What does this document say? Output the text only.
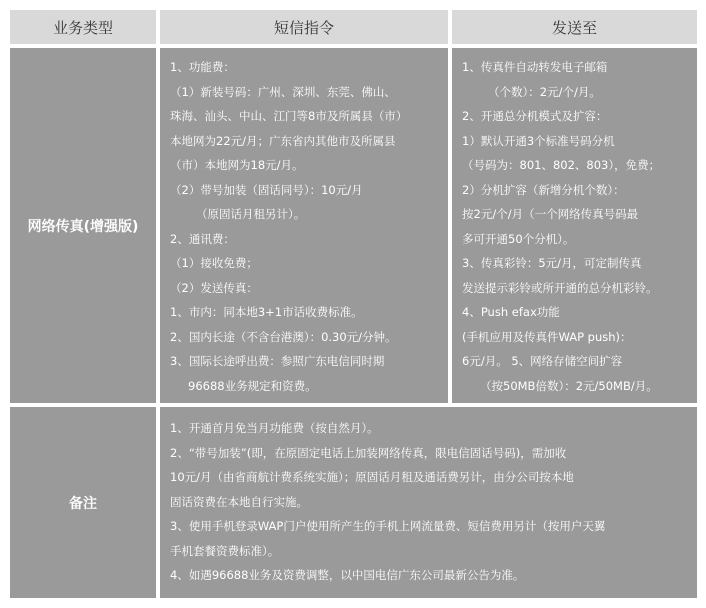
业务类型	短信指令	发送至
网络传真(增强版)
1、功能费：
（1）新装号码：广州、深圳、东莞、佛山、
珠海、汕头、中山、江门等8市及所属县（市）
本地网为22元/月；广东省内其他市及所属县
（市）本地网为18元/月。
（2）带号加装（固话同号）：10元/月
（原固话月租另计）。
2、通讯费：
（1）接收免费；
（2）发送传真：
1、市内：同本地3+1市话收费标准。
2、国内长途（不含台港澳）：0.30元/分钟。
3、国际长途呼出费：参照广东电信同时期
96688业务规定和资费。
1、传真件自动转发电子邮箱
（个数）：2元/个/月。
2、开通总分机模式及扩容：
1）默认开通3个标准号码分机
（号码为：801、802、803），免费；
2）分机扩容（新增分机个数）：
按2元/个/月（一个网络传真号码最
多可开通50个分机）。
3、传真彩铃：5元/月，可定制传真
发送提示彩铃或所开通的总分机彩铃。
4、Push efax功能
(手机应用及传真件WAP push)：
6元/月。 5、网络存储空间扩容
（按50MB倍数）：2元/50MB/月。
备注
1、开通首月免当月功能费（按自然月）。
2、“带号加装”(即，在原固定电话上加装网络传真，限电信固话号码)，需加收
10元/月（由省商航计费系统实施）；原固话月租及通话费另计，由分公司按本地
固话资费在本地自行实施。
3、使用手机登录WAP门户使用所产生的手机上网流量费、短信费用另计（按用户天翼
手机套餐资费标准）。
4、如遇96688业务及资费调整，以中国电信广东公司最新公告为准。
